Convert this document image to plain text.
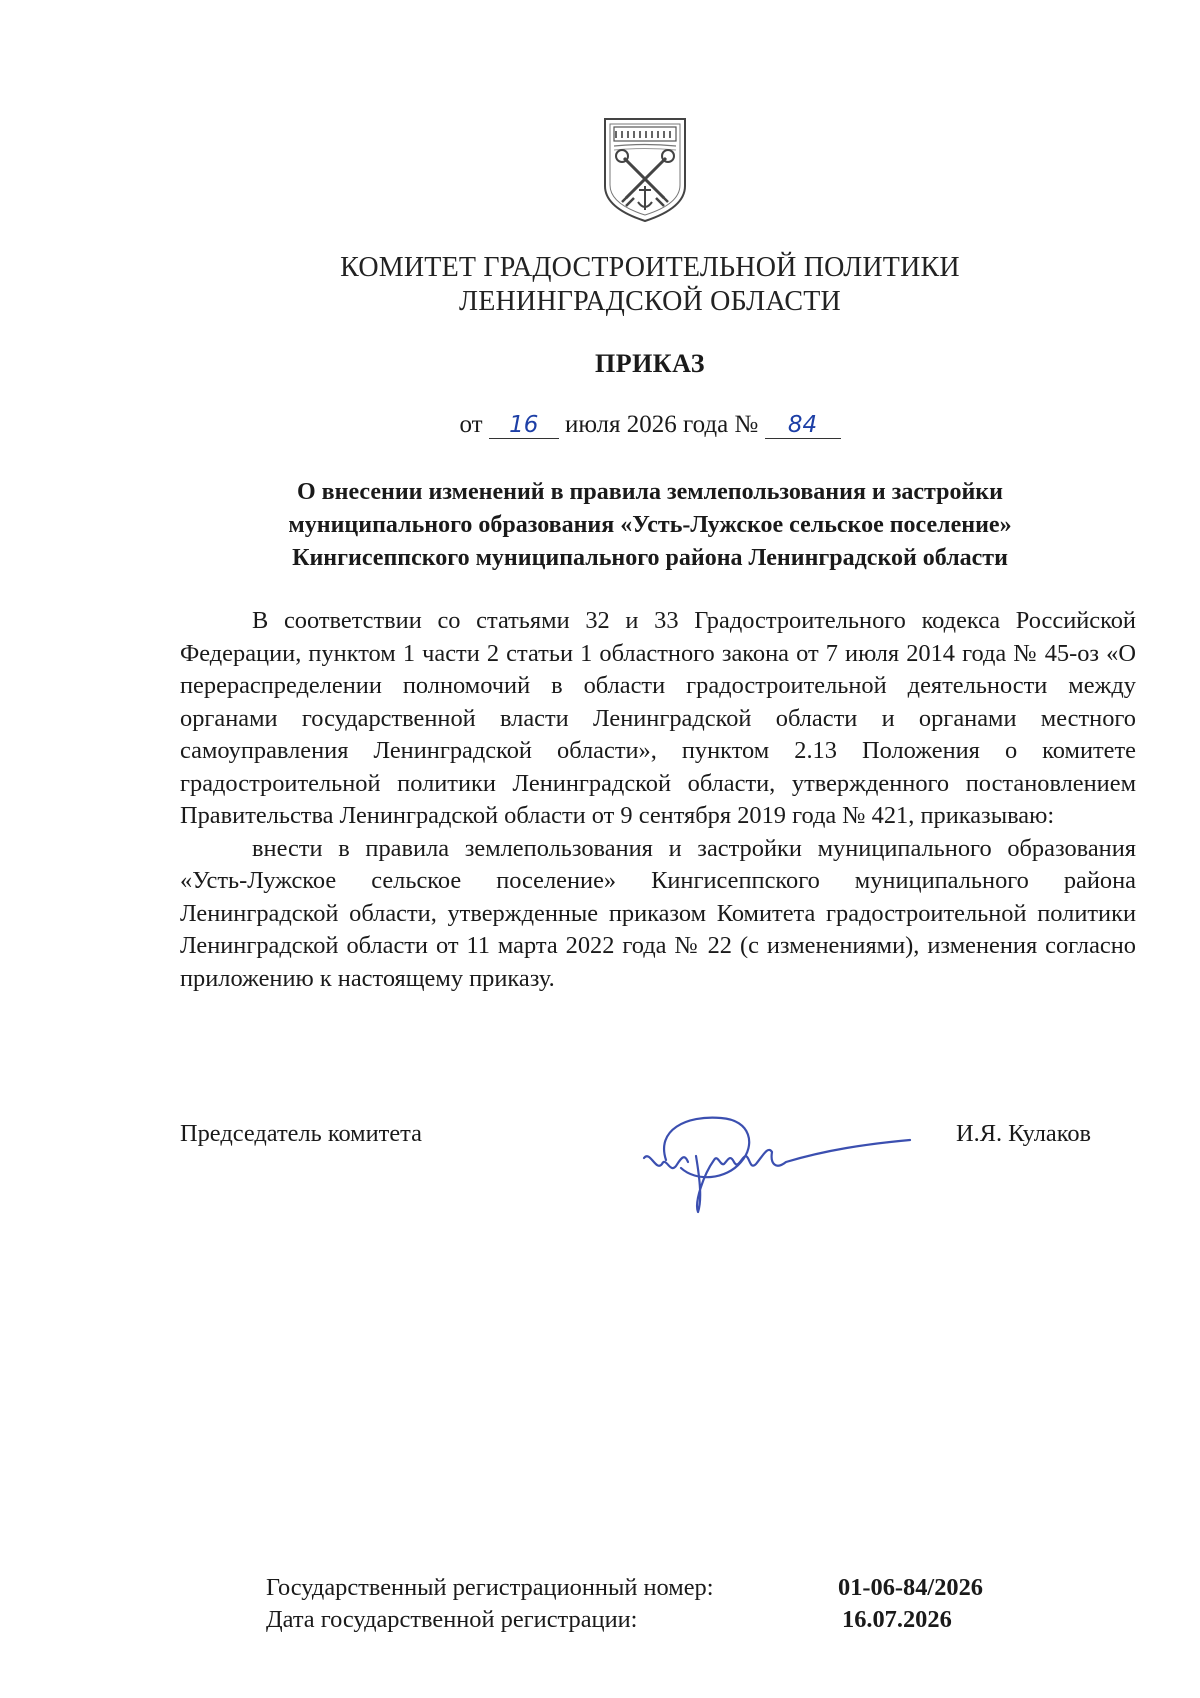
КОМИТЕТ ГРАДОСТРОИТЕЛЬНОЙ ПОЛИТИКИ
ЛЕНИНГРАДСКОЙ ОБЛАСТИ
ПРИКАЗ
от 16 июля 2026 года № 84
О внесении изменений в правила землепользования и застройки
муниципального образования «Усть-Лужское сельское поселение»
Кингисеппского муниципального района Ленинградской области

В соответствии со статьями 32 и 33 Градостроительного кодекса Российской Федерации, пунктом 1 части 2 статьи 1 областного закона от 7 июля 2014 года № 45-оз «О перераспределении полномочий в области градостроительной деятельности между органами государственной власти Ленинградской области и органами местного самоуправления Ленинградской области», пунктом 2.13 Положения о комитете градостроительной политики Ленинградской области, утвержденного постановлением Правительства Ленинградской области от 9 сентября 2019 года № 421, приказываю:

внести в правила землепользования и застройки муниципального образования «Усть-Лужское сельское поселение» Кингисеппского муниципального района Ленинградской области, утвержденные приказом Комитета градостроительной политики Ленинградской области от 11 марта 2022 года № 22 (с изменениями), изменения согласно приложению к настоящему приказу.

Председатель комитета	И.Я. Кулаков
Государственный регистрационный номер:	01-06-84/2026
Дата государственной регистрации:	16.07.2026
